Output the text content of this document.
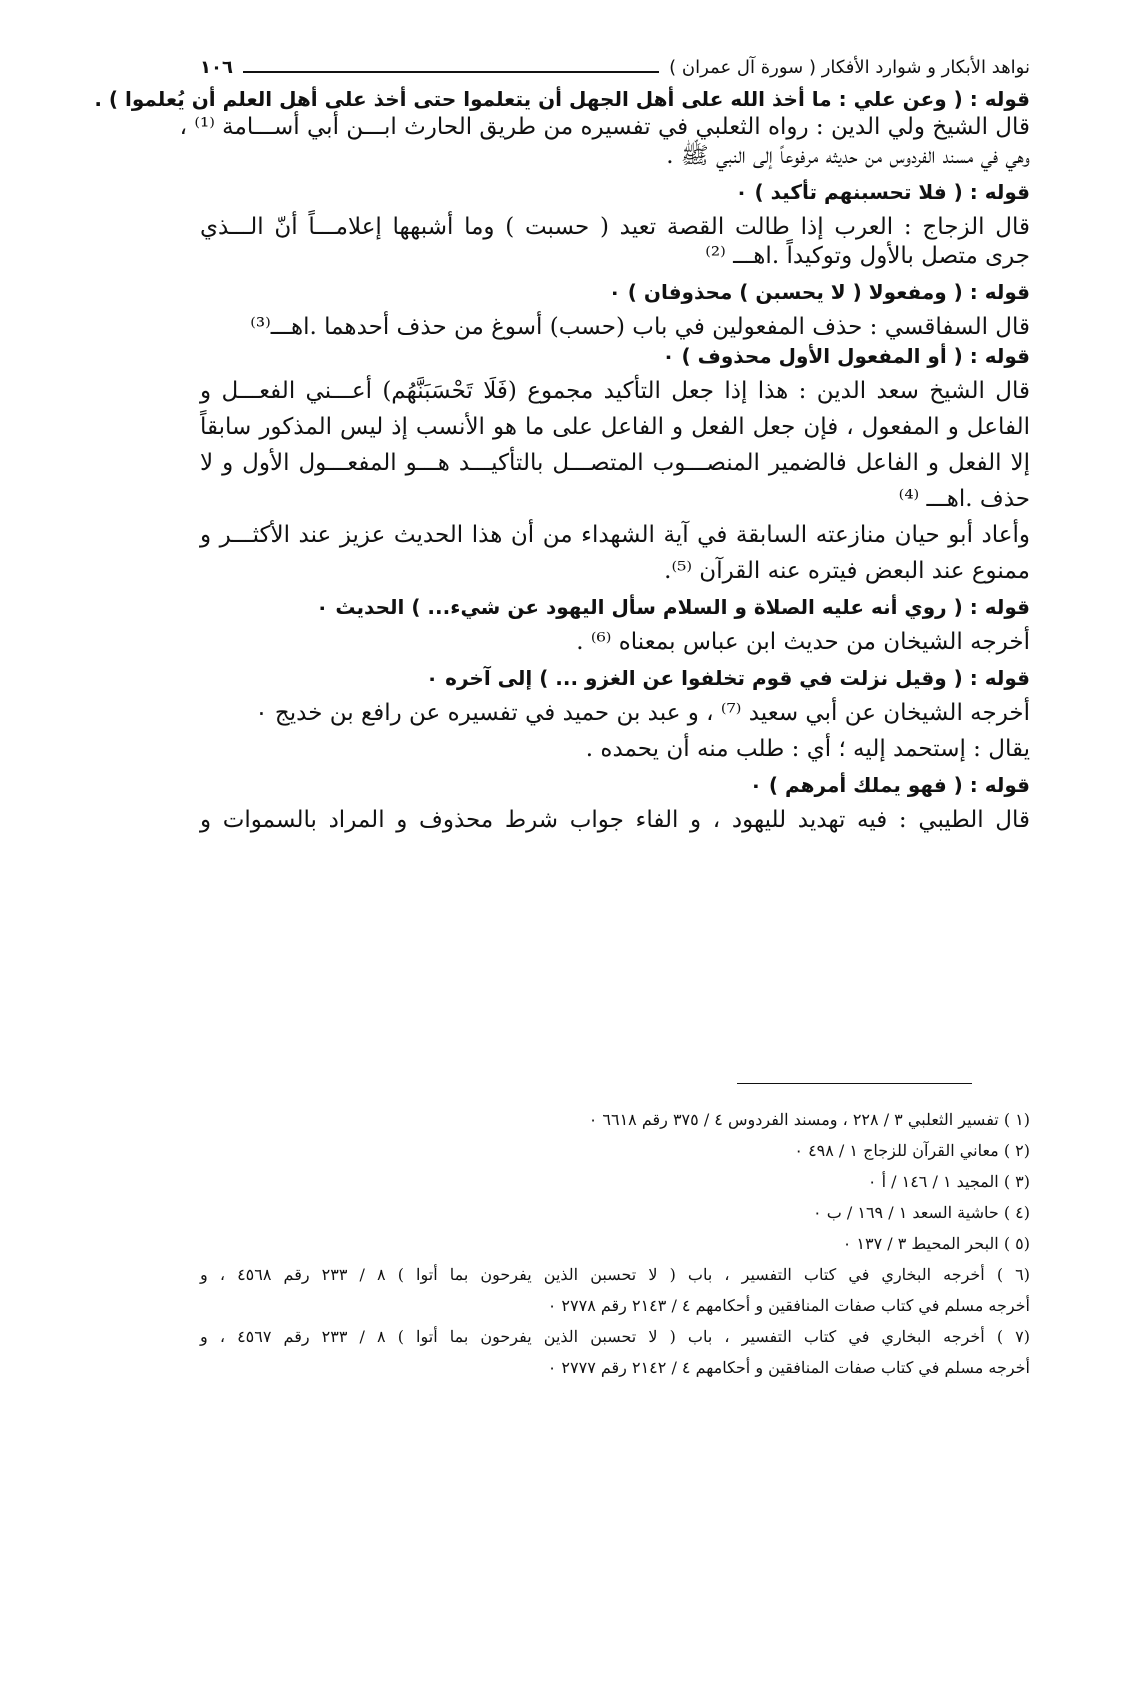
نواهد الأبكار و شوارد الأفكار ( سورة آل عمران )
١٠٦
قوله : ( وعن علي : ما أخذ الله على أهل الجهل أن يتعلموا حتى أخذ على أهل العلم أن يُعلموا ) .
قال الشيخ ولي الدين : رواه الثعلبي في تفسيره من طريق الحارث ابـــن أبي أســـامة ⁽¹⁾ ،
وهي في مسند الفردوس من حديثه مرفوعاً إلى النبي ﷺ .
قوله : ( فلا تحسبنهم تأكيد ) ٠
قال الزجاج : العرب إذا طالت القصة تعيد ( حسبت ) وما أشبهها إعلامـــاً أنّ الـــذي
جرى متصل بالأول وتوكيداً .اهـــ ⁽²⁾
قوله : ( ومفعولا ( لا يحسبن ) محذوفان ) ٠
قال السفاقسي : حذف المفعولين في باب (حسب) أسوغ من حذف أحدهما .اهـــ⁽³⁾
قوله : ( أو المفعول الأول محذوف ) ٠
قال الشيخ سعد الدين : هذا إذا جعل التأكيد مجموع (فَلَا تَحْسَبَنَّهُم) أعـــني الفعـــل و
الفاعل و المفعول ، فإن جعل الفعل و الفاعل على ما هو الأنسب إذ ليس المذكور سابقاً
إلا الفعل و الفاعل فالضمير المنصـــوب المتصـــل بالتأكيـــد هـــو المفعـــول الأول و لا
حذف .اهـــ ⁽⁴⁾
وأعاد أبو حيان منازعته السابقة في آية الشهداء من أن هذا الحديث عزيز عند الأكثـــر و
ممنوع عند البعض فيتره عنه القرآن ⁽⁵⁾.
قوله : ( روي أنه عليه الصلاة و السلام سأل اليهود عن شيء... ) الحديث ٠
أخرجه الشيخان من حديث ابن عباس بمعناه ⁽⁶⁾ .
قوله : ( وقيل نزلت في قوم تخلفوا عن الغزو ... ) إلى آخره ٠
أخرجه الشيخان عن أبي سعيد ⁽⁷⁾ ، و عبد بن حميد في تفسيره عن رافع بن خديج ٠
يقال : إستحمد إليه ؛ أي : طلب منه أن يحمده .
قوله : ( فهو يملك أمرهم ) ٠
قال الطيبي : فيه تهديد لليهود ، و الفاء جواب شرط محذوف و المراد بالسموات و
(١ ) تفسير الثعلبي ٣ / ٢٢٨ ، ومسند الفردوس ٤ / ٣٧٥ رقم ٦٦١٨ ٠
(٢ ) معاني القرآن للزجاج ١ / ٤٩٨ ٠
(٣ ) المجيد ١ / ١٤٦ / أ ٠
(٤ ) حاشية السعد ١ / ١٦٩ / ب ٠
(٥ ) البحر المحيط ٣ / ١٣٧ ٠
(٦ ) أخرجه البخاري في كتاب التفسير ، باب ( لا تحسبن الذين يفرحون بما أتوا ) ٨ / ٢٣٣ رقم ٤٥٦٨ ، و
أخرجه مسلم في كتاب صفات المنافقين و أحكامهم ٤ / ٢١٤٣ رقم ٢٧٧٨ ٠
(٧ ) أخرجه البخاري في كتاب التفسير ، باب ( لا تحسبن الذين يفرحون بما أتوا ) ٨ / ٢٣٣ رقم ٤٥٦٧ ، و
أخرجه مسلم في كتاب صفات المنافقين و أحكامهم ٤ / ٢١٤٢ رقم ٢٧٧٧ ٠
